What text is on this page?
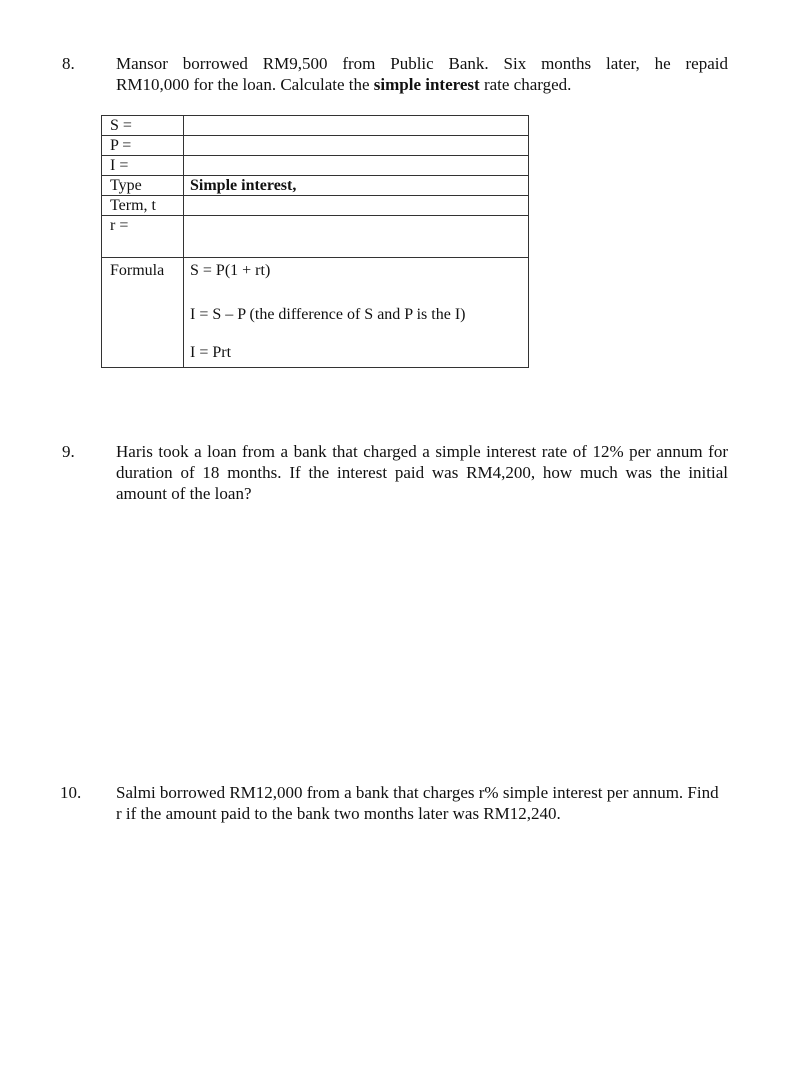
8. Mansor borrowed RM9,500 from Public Bank. Six months later, he repaid
RM10,000 for the loan. Calculate the simple interest rate charged.
S =	
P =	
I =	
Type	Simple interest,
Term, t	
r =	
Formula	S = P(1 + rt)
I = S – P (the difference of S and P is the I)
I = Prt
9. Haris took a loan from a bank that charged a simple interest rate of 12% per annum for duration of 18 months. If the interest paid was RM4,200, how much was the initial amount of the loan?
10. Salmi borrowed RM12,000 from a bank that charges r% simple interest per annum. Find r if the amount paid to the bank two months later was RM12,240.
